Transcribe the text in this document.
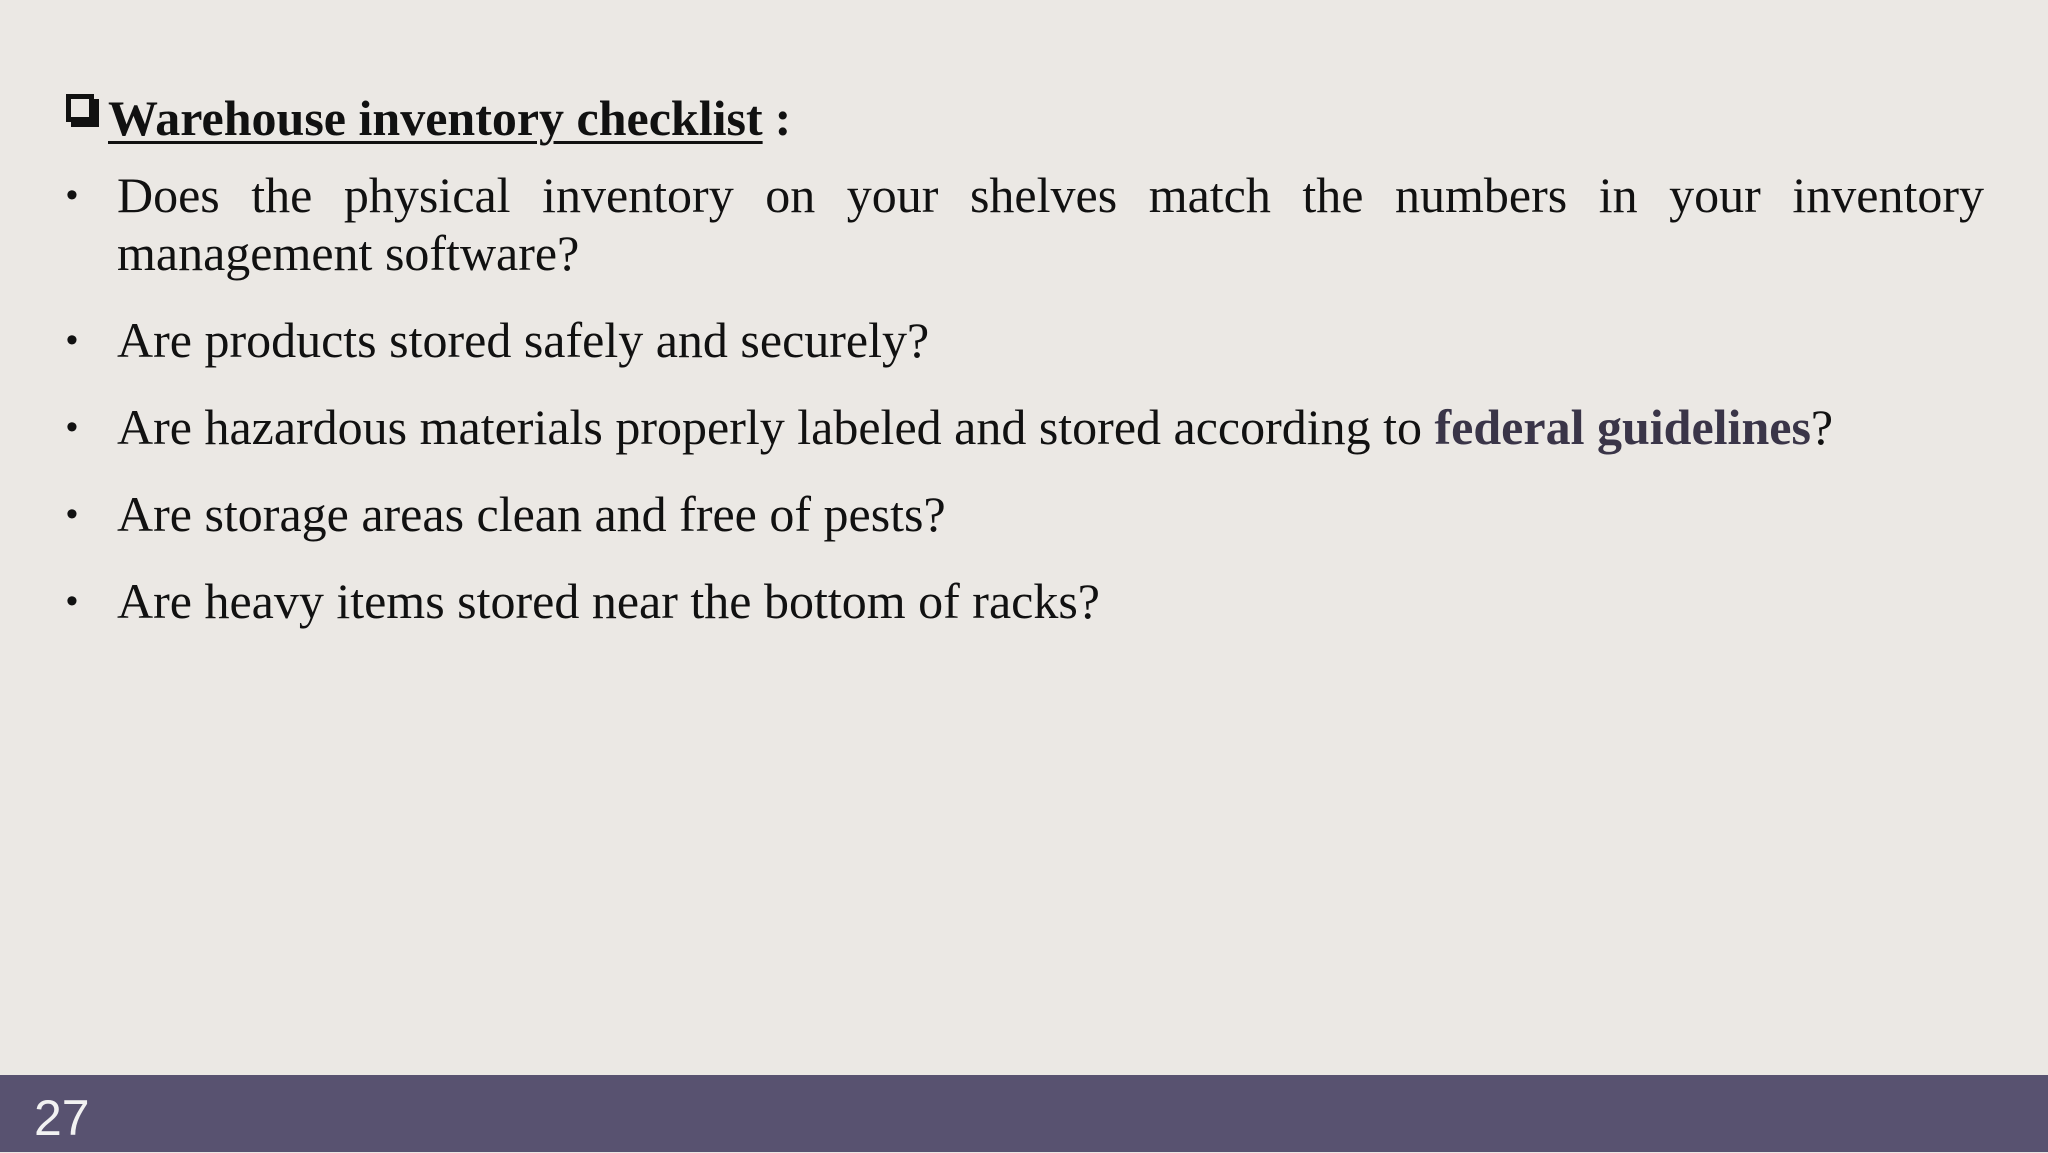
Warehouse inventory checklist :
• Does the physical inventory on your shelves match the numbers in your inventory management software?
• Are products stored safely and securely?
• Are hazardous materials properly labeled and stored according to federal guidelines?
• Are storage areas clean and free of pests?
• Are heavy items stored near the bottom of racks?
27
